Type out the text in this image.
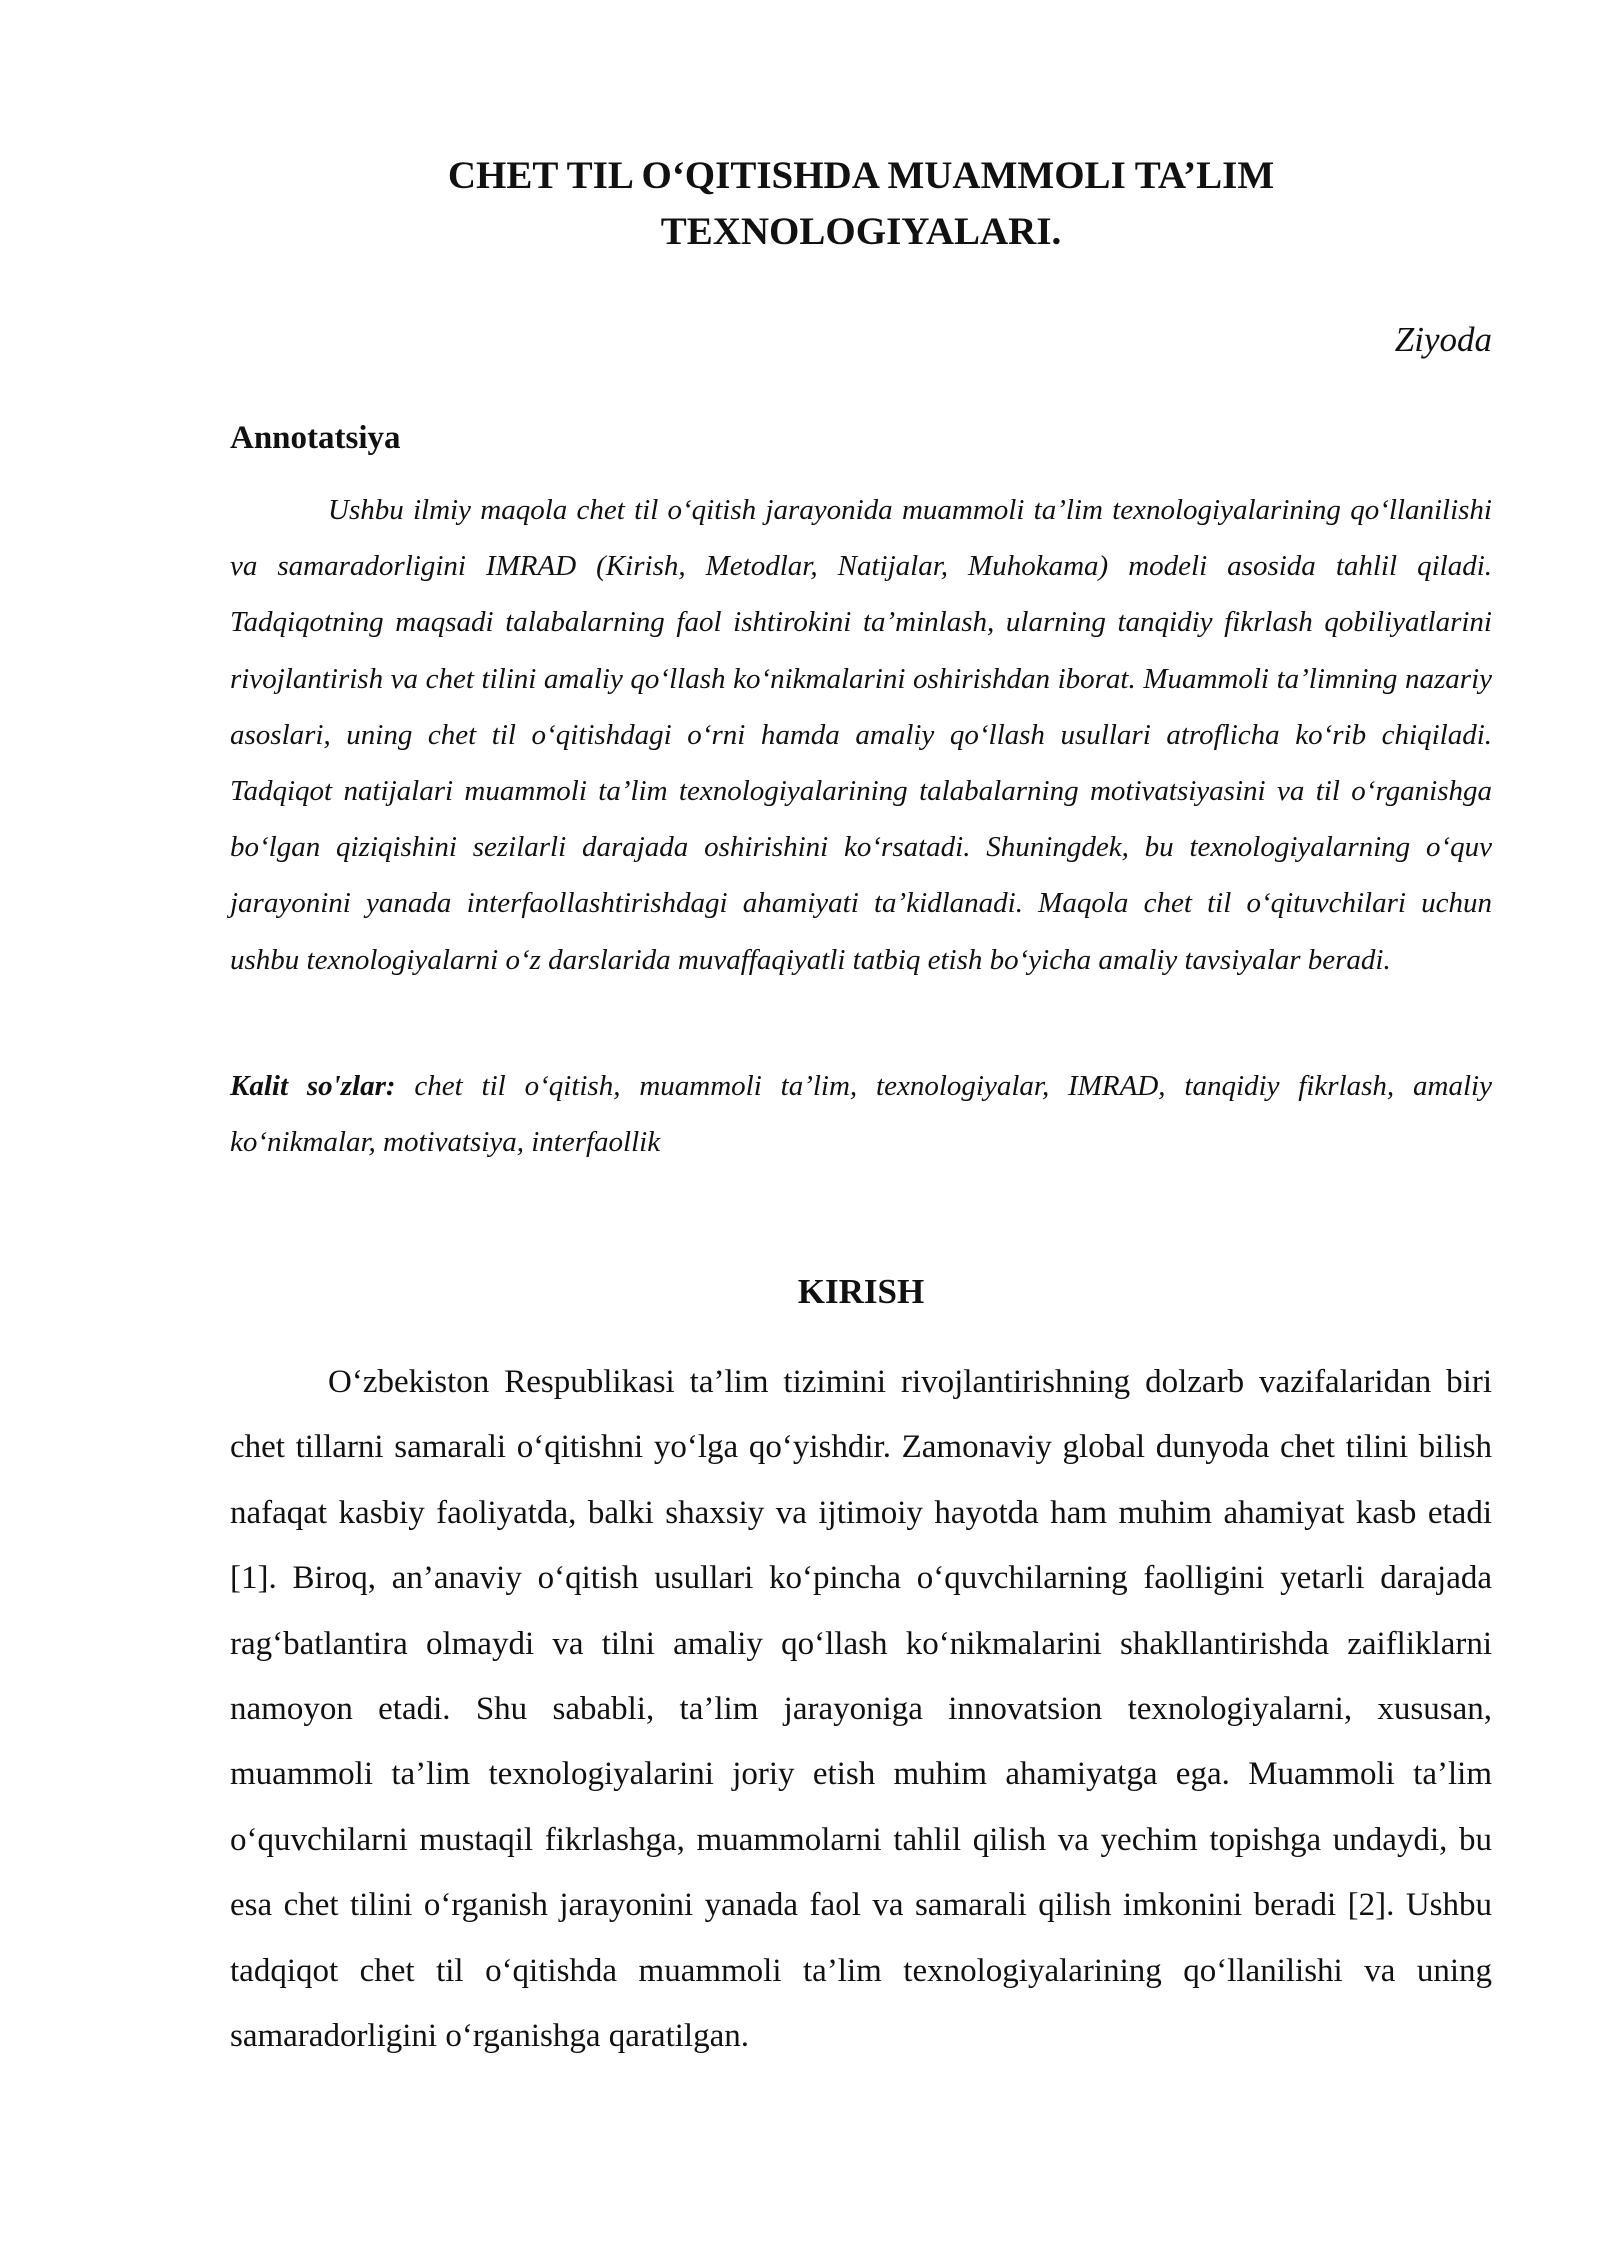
CHET TIL O‘QITISHDA MUAMMOLI TA’LIM
TEXNOLOGIYALARI.
Ziyoda
Annotatsiya

Ushbu ilmiy maqola chet til o‘qitish jarayonida muammoli ta’lim texnologiyalarining qo‘llanilishi va samaradorligini IMRAD (Kirish, Metodlar, Natijalar, Muhokama) modeli asosida tahlil qiladi. Tadqiqotning maqsadi talabalarning faol ishtirokini ta’minlash, ularning tanqidiy fikrlash qobiliyatlarini rivojlantirish va chet tilini amaliy qo‘llash ko‘nikmalarini oshirishdan iborat. Muammoli ta’limning nazariy asoslari, uning chet til o‘qitishdagi o‘rni hamda amaliy qo‘llash usullari atroflicha ko‘rib chiqiladi. Tadqiqot natijalari muammoli ta’lim texnologiyalarining talabalarning motivatsiyasini va til o‘rganishga bo‘lgan qiziqishini sezilarli darajada oshirishini ko‘rsatadi. Shuningdek, bu texnologiyalarning o‘quv jarayonini yanada interfaollashtirishdagi ahamiyati ta’kidlanadi. Maqola chet til o‘qituvchilari uchun ushbu texnologiyalarni o‘z darslarida muvaffaqiyatli tatbiq etish bo‘yicha amaliy tavsiyalar beradi.

Kalit so'zlar: chet til o‘qitish, muammoli ta’lim, texnologiyalar, IMRAD, tanqidiy fikrlash, amaliy ko‘nikmalar, motivatsiya, interfaollik

KIRISH

O‘zbekiston Respublikasi ta’lim tizimini rivojlantirishning dolzarb vazifalaridan biri chet tillarni samarali o‘qitishni yo‘lga qo‘yishdir. Zamonaviy global dunyoda chet tilini bilish nafaqat kasbiy faoliyatda, balki shaxsiy va ijtimoiy hayotda ham muhim ahamiyat kasb etadi [1]. Biroq, an’anaviy o‘qitish usullari ko‘pincha o‘quvchilarning faolligini yetarli darajada rag‘batlantira olmaydi va tilni amaliy qo‘llash ko‘nikmalarini shakllantirishda zaifliklarni namoyon etadi. Shu sababli, ta’lim jarayoniga innovatsion texnologiyalarni, xususan, muammoli ta’lim texnologiyalarini joriy etish muhim ahamiyatga ega. Muammoli ta’lim o‘quvchilarni mustaqil fikrlashga, muammolarni tahlil qilish va yechim topishga undaydi, bu esa chet tilini o‘rganish jarayonini yanada faol va samarali qilish imkonini beradi [2]. Ushbu tadqiqot chet til o‘qitishda muammoli ta’lim texnologiyalarining qo‘llanilishi va uning samaradorligini o‘rganishga qaratilgan.
